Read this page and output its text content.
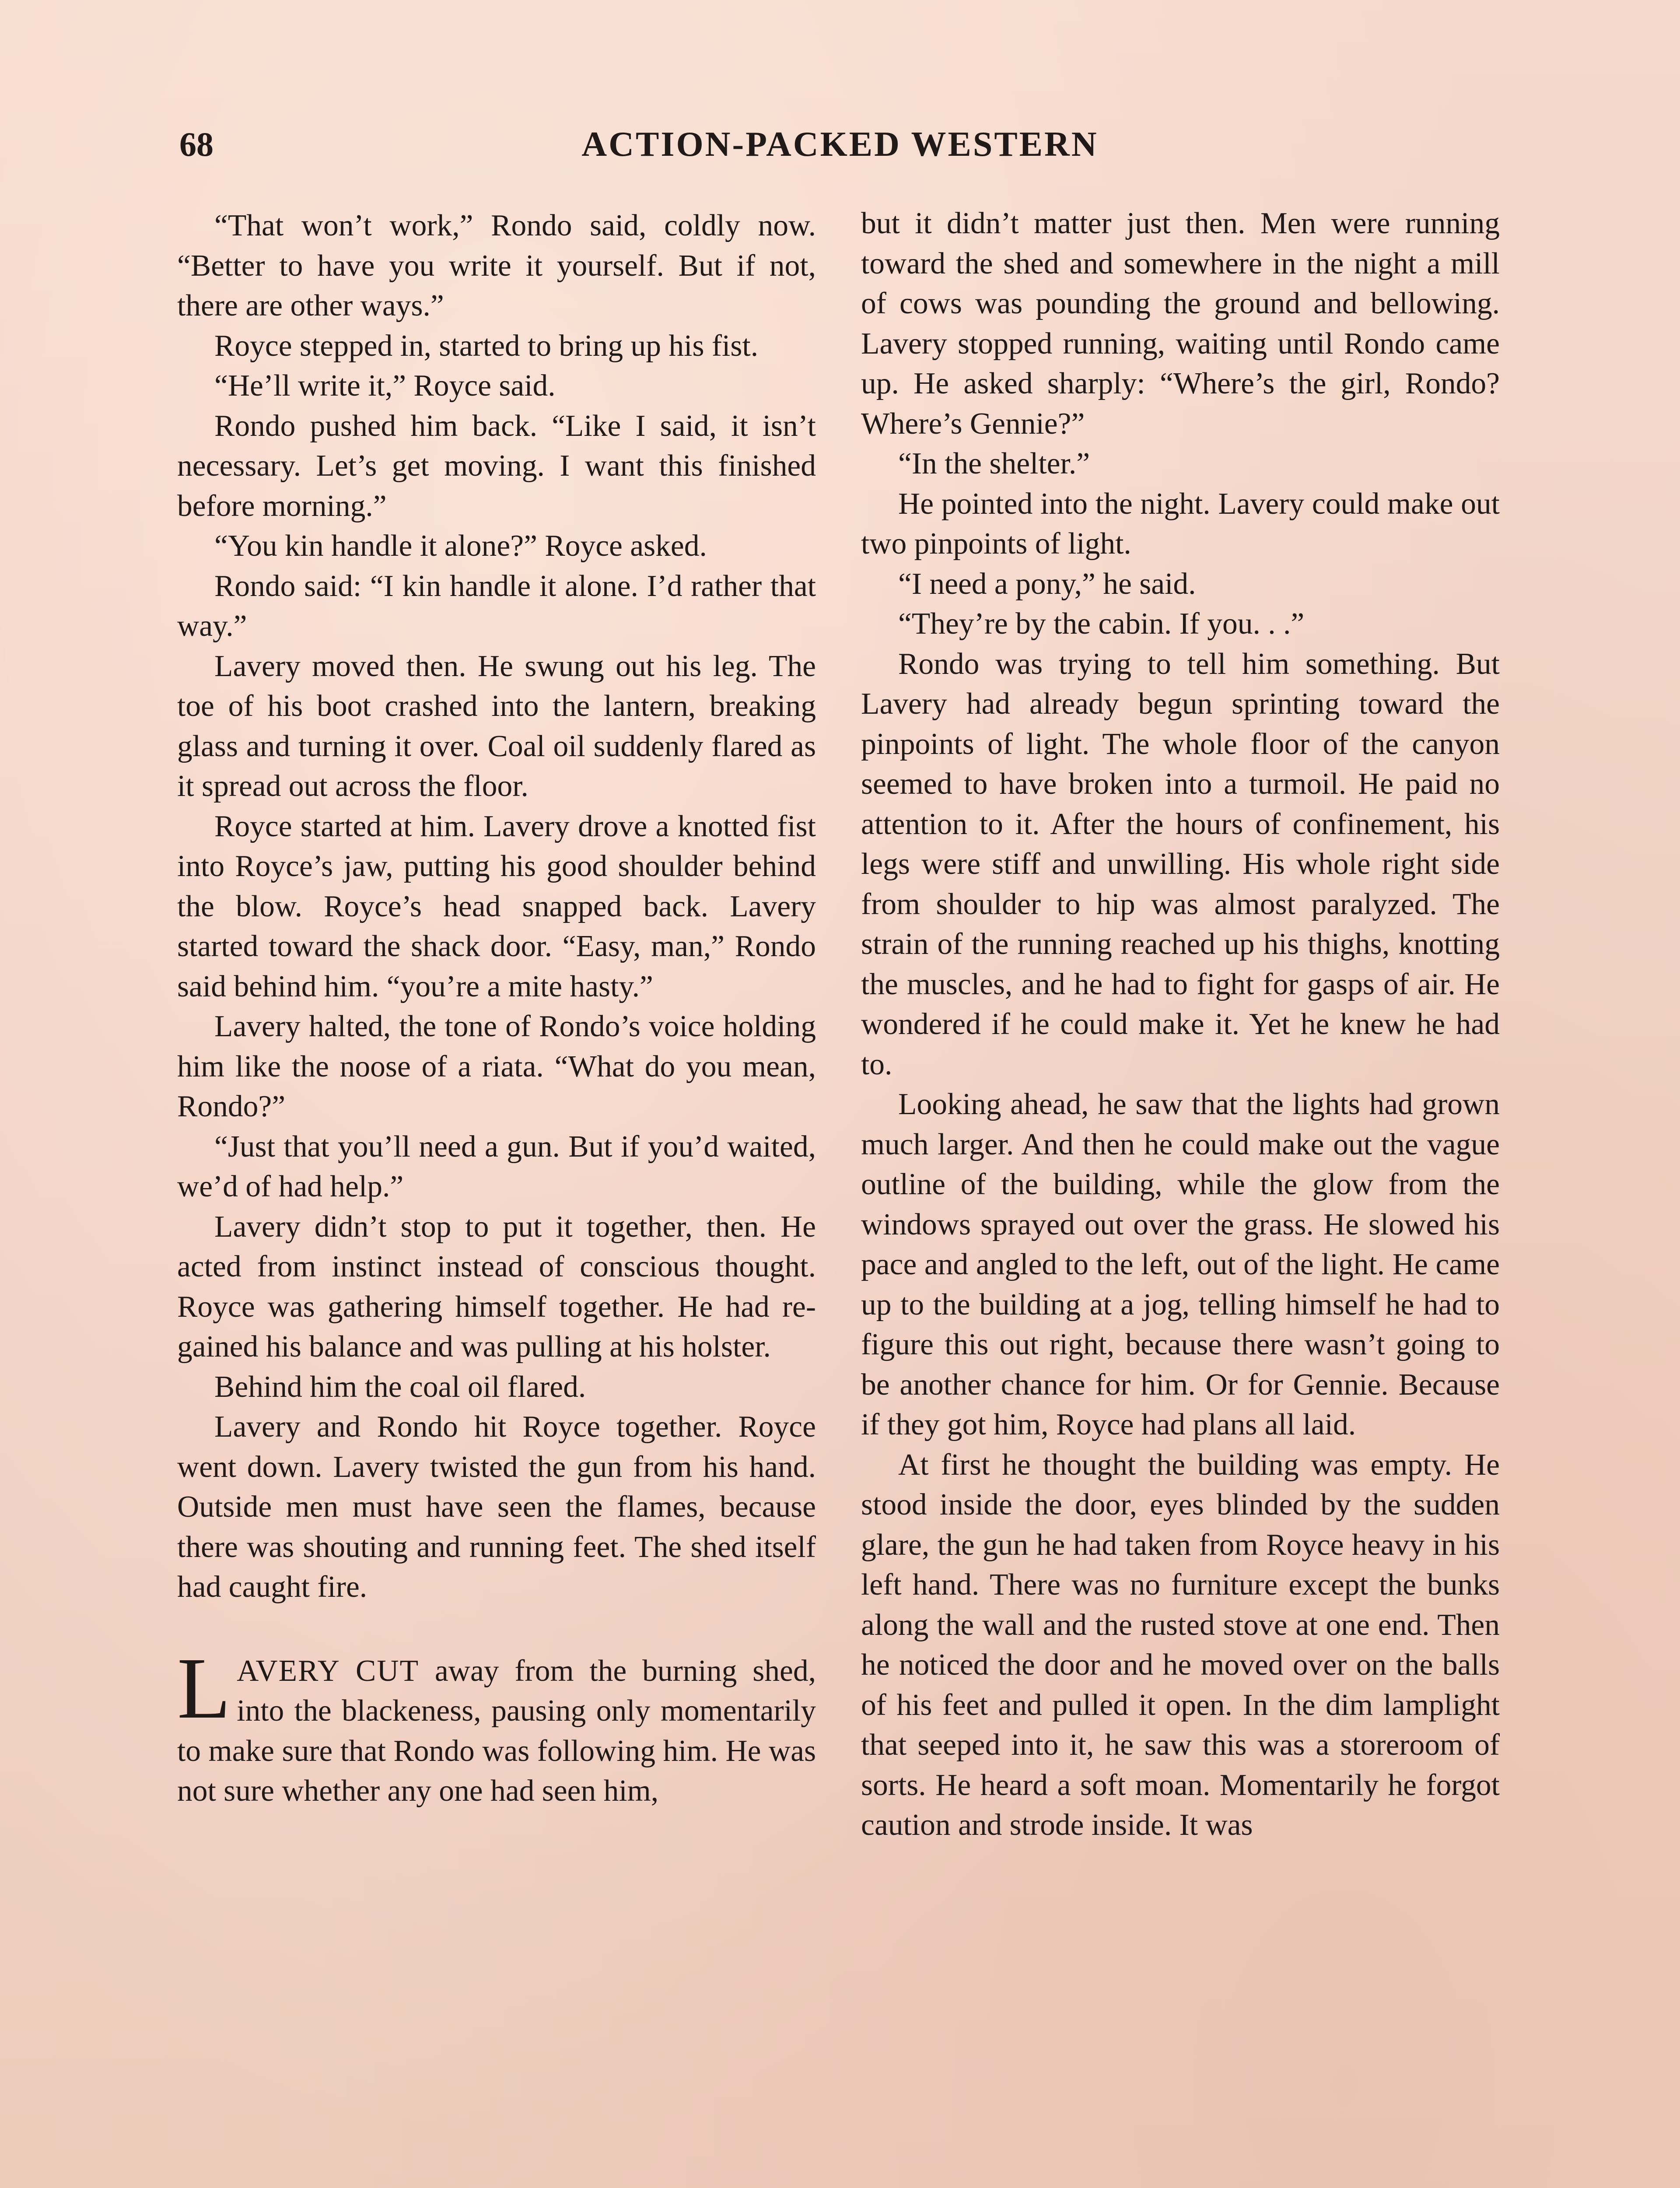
68	ACTION-PACKED WESTERN

“That won’t work,” Rondo said, coldly now. “Better to have you write it yourself. But if not, there are other ways.”

Royce stepped in, started to bring up his fist.

“He’ll write it,” Royce said.

Rondo pushed him back. “Like I said, it isn’t necessary. Let’s get moving. I want this finished before morning.”

“You kin handle it alone?” Royce asked.

Rondo said: “I kin handle it alone. I’d rather that way.”

Lavery moved then. He swung out his leg. The toe of his boot crashed into the lantern, breaking glass and turning it over. Coal oil suddenly flared as it spread out across the floor.

Royce started at him. Lavery drove a knotted fist into Royce’s jaw, putting his good shoulder behind the blow. Royce’s head snapped back. Lavery started toward the shack door. “Easy, man,” Rondo said behind him. “you’re a mite hasty.”

Lavery halted, the tone of Rondo’s voice holding him like the noose of a riata. “What do you mean, Rondo?”

“Just that you’ll need a gun. But if you’d waited, we’d of had help.”

Lavery didn’t stop to put it together, then. He acted from instinct instead of conscious thought. Royce was gathering himself together. He had regained his balance and was pulling at his holster.

Behind him the coal oil flared.

Lavery and Rondo hit Royce together. Royce went down. Lavery twisted the gun from his hand. Outside men must have seen the flames, because there was shouting and running feet. The shed itself had caught fire.

LAVERY CUT away from the burning shed, into the blackeness, pausing only momentarily to make sure that Rondo was following him. He was not sure whether any one had seen him,

but it didn’t matter just then. Men were running toward the shed and somewhere in the night a mill of cows was pounding the ground and bellowing. Lavery stopped running, waiting until Rondo came up. He asked sharply: “Where’s the girl, Rondo? Where’s Gennie?”

“In the shelter.”

He pointed into the night. Lavery could make out two pinpoints of light.

“I need a pony,” he said.

“They’re by the cabin. If you. . .”

Rondo was trying to tell him something. But Lavery had already begun sprinting toward the pinpoints of light. The whole floor of the canyon seemed to have broken into a turmoil. He paid no attention to it. After the hours of confinement, his legs were stiff and unwilling. His whole right side from shoulder to hip was almost paralyzed. The strain of the running reached up his thighs, knotting the muscles, and he had to fight for gasps of air. He wondered if he could make it. Yet he knew he had to.

Looking ahead, he saw that the lights had grown much larger. And then he could make out the vague outline of the building, while the glow from the windows sprayed out over the grass. He slowed his pace and angled to the left, out of the light. He came up to the building at a jog, telling himself he had to figure this out right, because there wasn’t going to be another chance for him. Or for Gennie. Because if they got him, Royce had plans all laid.

At first he thought the building was empty. He stood inside the door, eyes blinded by the sudden glare, the gun he had taken from Royce heavy in his left hand. There was no furniture except the bunks along the wall and the rusted stove at one end. Then he noticed the door and he moved over on the balls of his feet and pulled it open. In the dim lamplight that seeped into it, he saw this was a storeroom of sorts. He heard a soft moan. Momentarily he forgot caution and strode inside. It was
